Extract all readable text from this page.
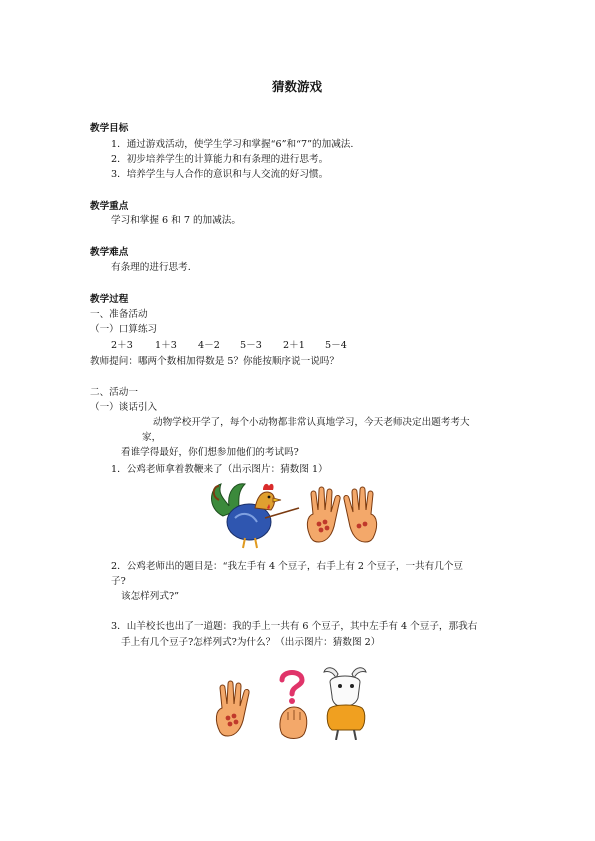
猜数游戏
教学目标
1．通过游戏活动，使学生学习和掌握“6”和“7”的加减法.
2．初步培养学生的计算能力和有条理的进行思考。
3．培养学生与人合作的意识和与人交流的好习惯。
教学重点
学习和掌握 6 和 7 的加减法。
教学难点
有条理的进行思考.
教学过程
一、准备活动
（一）口算练习
2＋3 1＋3 4－2 5－3 2＋1 5－4
教师提问：哪两个数相加得数是 5？你能按顺序说一说吗？
二、活动一
（一）谈话引入
动物学校开学了，每个小动物都非常认真地学习，今天老师决定出题考考大
家，
看谁学得最好，你们想参加他们的考试吗?
1．公鸡老师拿着教鞭来了（出示图片：猜数图 1）
2．公鸡老师出的题目是：“我左手有 4 个豆子，右手上有 2 个豆子，一共有几个豆
子?
该怎样列式?”
3．山羊校长也出了一道题：我的手上一共有 6 个豆子，其中左手有 4 个豆子，那我右
手上有几个豆子?怎样列式?为什么？（出示图片：猜数图 2）
